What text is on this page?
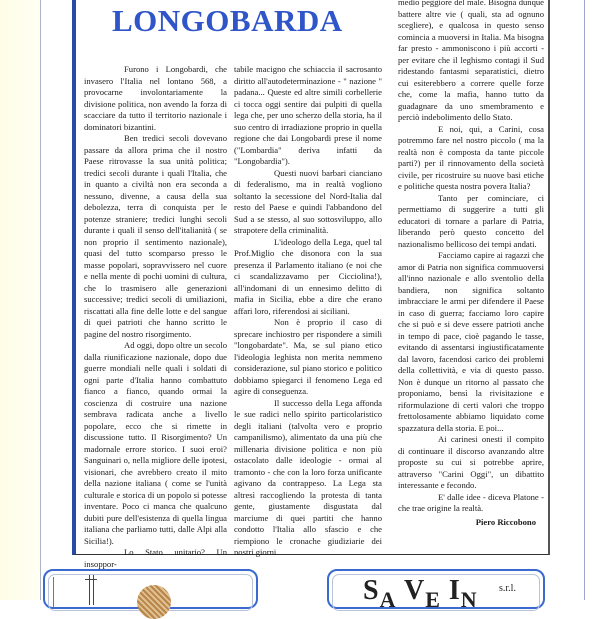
LONGOBARDA

Furono i Longobardi, che invasero l'Italia nel lontano 568, a provocarne involontariamente la divisione politica, non avendo la forza di scacciare da tutto il territorio nazionale i dominatori bizantini.

Ben tredici secoli dovevano passare da allora prima che il nostro Paese ritrovasse la sua unità politica; tredici secoli durante i quali l'Italia, che in quanto a civiltà non era seconda a nessuno, divenne, a causa della sua debolezza, terra di conquista per le potenze straniere; tredici lunghi secoli durante i quali il senso dell'italianità ( se non proprio il sentimento nazionale), quasi del tutto scomparso presso le masse popolari, sopravvissero nel cuore e nella mente di pochi uomini di cultura, che lo trasmisero alle generazioni successive; tredici secoli di umiliazioni, riscattati alla fine delle lotte e del sangue di quei patrioti che hanno scritto le pagine del nostro risorgimento.

Ad oggi, dopo oltre un secolo dalla riunificazione nazionale, dopo due guerre mondiali nelle quali i soldati di ogni parte d'Italia hanno combattuto fianco a fianco, quando ormai la coscienza di costruire una nazione sembrava radicata anche a livello popolare, ecco che si rimette in discussione tutto. Il Risorgimento? Un madornale errore storico. I suoi eroi? Sanguinari o, nella migliore delle ipotesi, visionari, che avrebbero creato il mito della nazione italiana ( come se l'unità culturale e storica di un popolo si potesse inventare. Poco ci manca che qualcuno dubiti pure dell'esistenza di quella lingua italiana che parliamo tutti, dalle Alpi alla Sicilia!).

Lo Stato unitario? Un insoppor-

tabile macigno che schiaccia il sacrosanto diritto all'autodeterminazione - " nazione " padana... Queste ed altre simili corbellerie ci tocca oggi sentire dai pulpiti di quella lega che, per uno scherzo della storia, ha il suo centro di irradiazione proprio in quella regione che dai Longobardi prese il nome ("Lombardia" deriva infatti da "Longobardia").

Questi nuovi barbari cianciano di federalismo, ma in realtà vogliono soltanto la secessione del Nord-Italia dal resto del Paese e quindi l'abbandono del Sud a se stesso, al suo sottosviluppo, allo strapotere della criminalità.

L'ideologo della Lega, quel tal Prof.Miglio che disonora con la sua presenza il Parlamento italiano (e noi che ci scandalizzavamo per Cicciolina!), all'indomani di un ennesimo delitto di mafia in Sicilia, ebbe a dire che erano affari loro, riferendosi ai siciliani.

Non è proprio il caso di sprecare inchiostro per rispondere a simili "longobardate". Ma, se sul piano etico l'ideologia leghista non merita nemmeno considerazione, sul piano storico e politico dobbiamo spiegarci il fenomeno Lega ed agire di conseguenza.

Il successo della Lega affonda le sue radici nello spirito particolaristico degli italiani (talvolta vero e proprio campanilismo), alimentato da una più che millenaria divisione politica e non più ostacolato dalle ideologie - ormai al tramonto - che con la loro forza unificante agivano da contrappeso. La Lega sta altresì raccogliendo la protesta di tanta gente, giustamente disgustata dal marciume di quei partiti che hanno condotto l'Italia allo sfascio e che riempiono le cronache giudiziarie dei nostri giorni.

medio peggiore del male. Bisogna dunque battere altre vie ( quali, sta ad ognuno sceglierе), e qualcosa in questo senso comincia a muoversi in Italia. Ma bisogna far presto - ammoniscono i più accorti - per evitare che il leghismo contagi il Sud ridestando fantasmi separatistici, dietro cui esiterebbero a correre quelle forze che, come la mafia, hanno tutto da guadagnare da uno smembramento e perciò indebolimento dello Stato.

E noi, qui, a Carini, cosa potremmo fare nel nostro piccolo ( ma la realtà non è composta da tante piccole parti?) per il rinnovamento della società civile, per ricostruire su nuove basi etiche e politiche questa nostra povera Italia?

Tanto per cominciare, ci permettiamo di suggerire a tutti gli educatori di tornare a parlare di Patria, liberando però questo concetto del nazionalismo bellicoso dei tempi andati.

Facciamo capire ai ragazzi che amor di Patria non significa commuoversi all'inno nazionale e allo sventolio della bandiera, non significa soltanto imbracciare le armi per difendere il Paese in caso di guerra; facciamo loro capire che si può e si deve essere patrioti anche in tempo di pace, cioè pagando le tasse, evitando di assentarsi ingiustificatamente dal lavoro, facendosi carico dei problemi della collettività, e via di questo passo. Non è dunque un ritorno al passato che proponiamo, bensì la rivisitazione e riformulazione di certi valori che troppo frettolosamente abbiamo liquidato come spazzatura della storia. E poi...

Ai carinesi onesti il compito di continuare il discorso avanzando altre proposte su cui si potrebbe aprire, attraverso "Carini Oggi", un dibattito interessante e fecondo.

E' dalle idee - diceva Platone - che trae origine la realtà.

Piero Riccobono
$S_A$ $V_E$ $I_N$ s.r.l.
